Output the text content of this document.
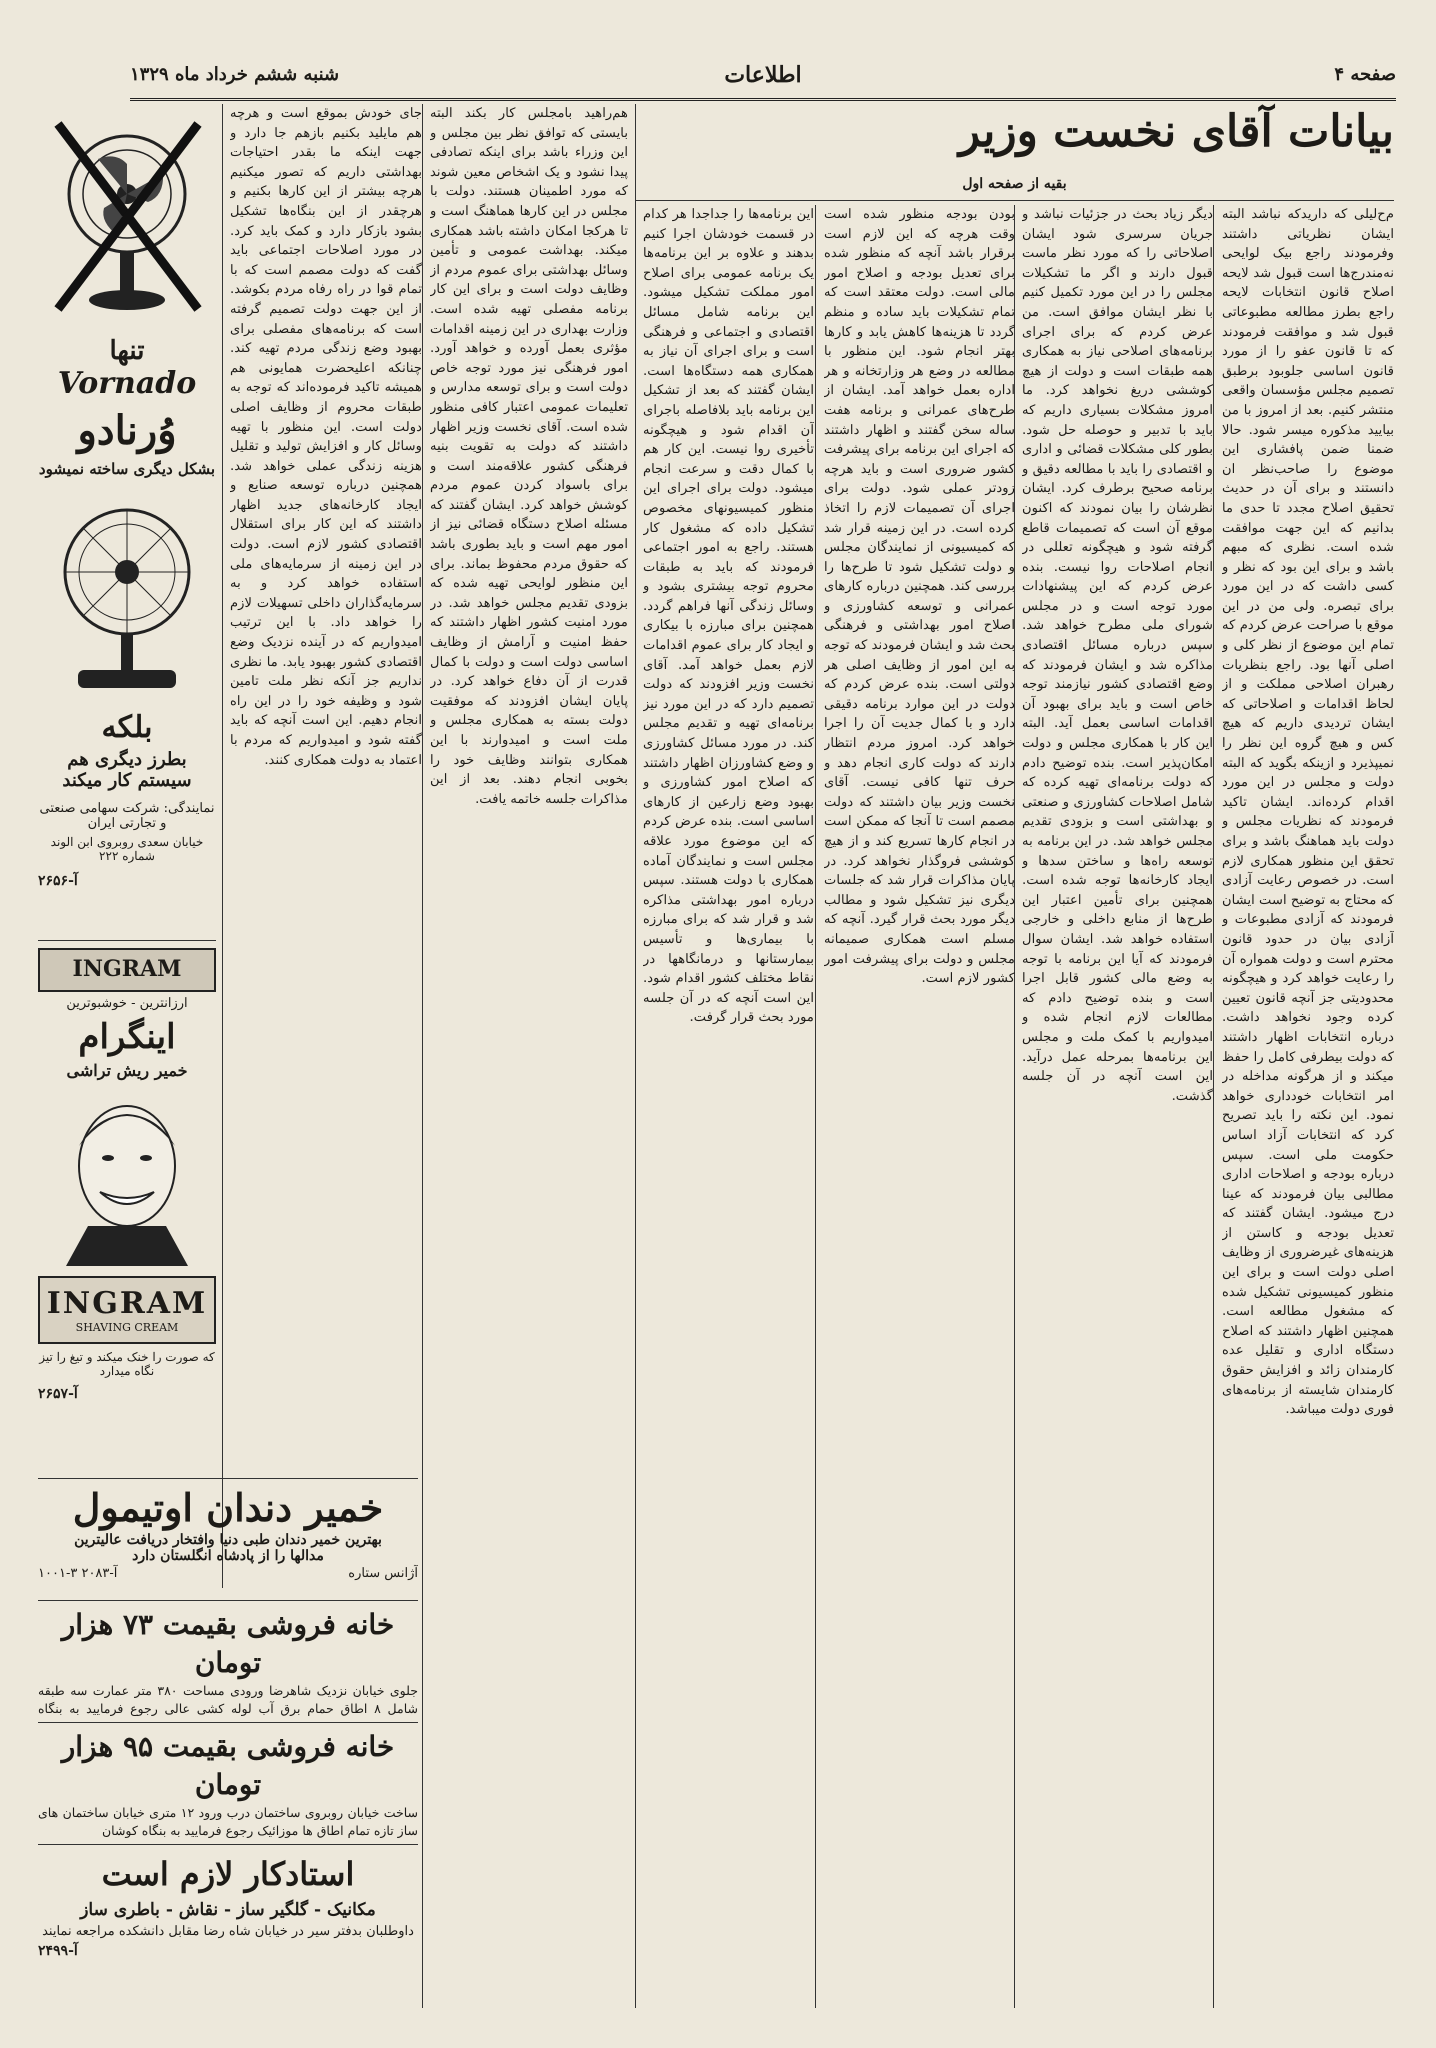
شنبه ششم خرداد ماه ۱۳۲۹	اطلاعات	صفحه ۴
بیانات آقای نخست وزیر
بقیه از صفحه اول
م‌ح‌لیلی که داریدکه نباشد البته ایشان نظریاتی داشتند وفرمودند راجع بیک لوایحی نه‌مندرج‌ها است قبول شد لایحه اصلاح قانون انتخابات لایحه راجع بطرز مطالعه مطبوعاتی قبول شد و موافقت فرمودند که تا قانون عفو را از مورد قانون اساسی جلوبود برطبق تصمیم مجلس مؤسسان واقعی منتشر کنیم. بعد از امروز با من بیایید مذکوره میسر شود. حالا ضمنا ضمن پافشاری این موضوع را صاحب‌نظر ان دانستند و برای آن در حدیث تحقیق اصلاح مجدد تا حدی ما بدانیم که این جهت موافقت شده است. نظری که مبهم باشد و برای این بود که نظر و کسی داشت که در این مورد برای تبصره. ولی من در این موقع با صراحت عرض کردم که تمام این موضوع از نظر کلی و اصلی آنها بود. راجع بنظریات رهبران اصلاحی مملکت و از لحاظ اقدامات و اصلاحاتی که ایشان تردیدی داریم که هیچ کس و هیچ گروه این نظر را نمیپذیرد و ازینکه بگوید که البته دولت و مجلس در این مورد اقدام کرده‌اند. ایشان تاکید فرمودند که نظریات مجلس و دولت باید هماهنگ باشد و برای تحقق این منظور همکاری لازم است. در خصوص رعایت آزادی که محتاج به توضیح است ایشان فرمودند که آزادی مطبوعات و آزادی بیان در حدود قانون محترم است و دولت همواره آن را رعایت خواهد کرد و هیچگونه محدودیتی جز آنچه قانون تعیین کرده وجود نخواهد داشت. درباره انتخابات اظهار داشتند که دولت بیطرفی کامل را حفظ میکند و از هرگونه مداخله در امر انتخابات خودداری خواهد نمود. این نکته را باید تصریح کرد که انتخابات آزاد اساس حکومت ملی است. سپس درباره بودجه و اصلاحات اداری مطالبی بیان فرمودند که عینا درج میشود. ایشان گفتند که تعدیل بودجه و کاستن از هزینه‌های غیرضروری از وظایف اصلی دولت است و برای این منظور کمیسیونی تشکیل شده که مشغول مطالعه است. همچنین اظهار داشتند که اصلاح دستگاه اداری و تقلیل عده کارمندان زائد و افزایش حقوق کارمندان شایسته از برنامه‌های فوری دولت میباشد.
دیگر زیاد بحث در جزئیات نباشد و جریان سرسری شود ایشان اصلاحاتی را که مورد نظر ماست قبول دارند و اگر ما تشکیلات مجلس را در این مورد تکمیل کنیم با نظر ایشان موافق است. من عرض کردم که برای اجرای برنامه‌های اصلاحی نیاز به همکاری همه طبقات است و دولت از هیچ کوششی دریغ نخواهد کرد. ما امروز مشکلات بسیاری داریم که باید با تدبیر و حوصله حل شود. بطور کلی مشکلات قضائی و اداری و اقتصادی را باید با مطالعه دقیق و برنامه صحیح برطرف کرد. ایشان نظرشان را بیان نمودند که اکنون موقع آن است که تصمیمات قاطع گرفته شود و هیچگونه تعللی در انجام اصلاحات روا نیست. بنده عرض کردم که این پیشنهادات مورد توجه است و در مجلس شورای ملی مطرح خواهد شد. سپس درباره مسائل اقتصادی مذاکره شد و ایشان فرمودند که وضع اقتصادی کشور نیازمند توجه خاص است و باید برای بهبود آن اقدامات اساسی بعمل آید. البته این کار با همکاری مجلس و دولت امکان‌پذیر است. بنده توضیح دادم که دولت برنامه‌ای تهیه کرده که شامل اصلاحات کشاورزی و صنعتی و بهداشتی است و بزودی تقدیم مجلس خواهد شد. در این برنامه به توسعه راه‌ها و ساختن سدها و ایجاد کارخانه‌ها توجه شده است. همچنین برای تأمین اعتبار این طرح‌ها از منابع داخلی و خارجی استفاده خواهد شد. ایشان سوال فرمودند که آیا این برنامه با توجه به وضع مالی کشور قابل اجرا است و بنده توضیح دادم که مطالعات لازم انجام شده و امیدواریم با کمک ملت و مجلس این برنامه‌ها بمرحله عمل درآید. این است آنچه در آن جلسه گذشت.
بودن بودجه منظور شده است وقت هرچه که این لازم است برقرار باشد آنچه که منظور شده برای تعدیل بودجه و اصلاح امور مالی است. دولت معتقد است که تمام تشکیلات باید ساده و منظم گردد تا هزینه‌ها کاهش یابد و کارها بهتر انجام شود. این منظور با مطالعه در وضع هر وزارتخانه و هر اداره بعمل خواهد آمد. ایشان از طرح‌های عمرانی و برنامه هفت ساله سخن گفتند و اظهار داشتند که اجرای این برنامه برای پیشرفت کشور ضروری است و باید هرچه زودتر عملی شود. دولت برای اجرای آن تصمیمات لازم را اتخاذ کرده است. در این زمینه قرار شد که کمیسیونی از نمایندگان مجلس و دولت تشکیل شود تا طرح‌ها را بررسی کند. همچنین درباره کارهای عمرانی و توسعه کشاورزی و اصلاح امور بهداشتی و فرهنگی بحث شد و ایشان فرمودند که توجه به این امور از وظایف اصلی هر دولتی است. بنده عرض کردم که دولت در این موارد برنامه دقیقی دارد و با کمال جدیت آن را اجرا خواهد کرد. امروز مردم انتظار دارند که دولت کاری انجام دهد و حرف تنها کافی نیست. آقای نخست وزیر بیان داشتند که دولت مصمم است تا آنجا که ممکن است در انجام کارها تسریع کند و از هیچ کوششی فروگذار نخواهد کرد. در پایان مذاکرات قرار شد که جلسات دیگری نیز تشکیل شود و مطالب دیگر مورد بحث قرار گیرد. آنچه که مسلم است همکاری صمیمانه مجلس و دولت برای پیشرفت امور کشور لازم است.
این برنامه‌ها را جداجدا هر کدام در قسمت خودشان اجرا کنیم بدهند و علاوه بر این برنامه‌ها یک برنامه عمومی برای اصلاح امور مملکت تشکیل میشود. این برنامه شامل مسائل اقتصادی و اجتماعی و فرهنگی است و برای اجرای آن نیاز به همکاری همه دستگاه‌ها است. ایشان گفتند که بعد از تشکیل این برنامه باید بلافاصله باجرای آن اقدام شود و هیچگونه تأخیری روا نیست. این کار هم با کمال دقت و سرعت انجام میشود. دولت برای اجرای این منظور کمیسیونهای مخصوص تشکیل داده که مشغول کار هستند. راجع به امور اجتماعی فرمودند که باید به طبقات محروم توجه بیشتری بشود و وسائل زندگی آنها فراهم گردد. همچنین برای مبارزه با بیکاری و ایجاد کار برای عموم اقدامات لازم بعمل خواهد آمد. آقای نخست وزیر افزودند که دولت تصمیم دارد که در این مورد نیز برنامه‌ای تهیه و تقدیم مجلس کند. در مورد مسائل کشاورزی و وضع کشاورزان اظهار داشتند که اصلاح امور کشاورزی و بهبود وضع زارعین از کارهای اساسی است. بنده عرض کردم که این موضوع مورد علاقه مجلس است و نمایندگان آماده همکاری با دولت هستند. سپس درباره امور بهداشتی مذاکره شد و قرار شد که برای مبارزه با بیماری‌ها و تأسیس بیمارستانها و درمانگاهها در نقاط مختلف کشور اقدام شود. این است آنچه که در آن جلسه مورد بحث قرار گرفت.
هم‌راهید بامجلس کار بکند البته بایستی که توافق نظر بین مجلس و این وزراء باشد برای اینکه تصادفی پیدا نشود و یک اشخاص معین شوند که مورد اطمینان هستند. دولت با مجلس در این کارها هماهنگ است و تا هرکجا امکان داشته باشد همکاری میکند. بهداشت عمومی و تأمین وسائل بهداشتی برای عموم مردم از وظایف دولت است و برای این کار برنامه مفصلی تهیه شده است. وزارت بهداری در این زمینه اقدامات مؤثری بعمل آورده و خواهد آورد. امور فرهنگی نیز مورد توجه خاص دولت است و برای توسعه مدارس و تعلیمات عمومی اعتبار کافی منظور شده است. آقای نخست وزیر اظهار داشتند که دولت به تقویت بنیه فرهنگی کشور علاقه‌مند است و برای باسواد کردن عموم مردم کوشش خواهد کرد. ایشان گفتند که مسئله اصلاح دستگاه قضائی نیز از امور مهم است و باید بطوری باشد که حقوق مردم محفوظ بماند. برای این منظور لوایحی تهیه شده که بزودی تقدیم مجلس خواهد شد. در مورد امنیت کشور اظهار داشتند که حفظ امنیت و آرامش از وظایف اساسی دولت است و دولت با کمال قدرت از آن دفاع خواهد کرد. در پایان ایشان افزودند که موفقیت دولت بسته به همکاری مجلس و ملت است و امیدوارند با این همکاری بتوانند وظایف خود را بخوبی انجام دهند. بعد از این مذاکرات جلسه خاتمه یافت.
جای خودش بموقع است و هرچه هم مایلید بکنیم بازهم جا دارد و جهت اینکه ما بقدر احتیاجات بهداشتی داریم که تصور میکنیم هرچه بیشتر از این کارها بکنیم و هرچقدر از این بنگاه‌ها تشکیل بشود بازکار دارد و کمک باید کرد. در مورد اصلاحات اجتماعی باید گفت که دولت مصمم است که با تمام قوا در راه رفاه مردم بکوشد. از این جهت دولت تصمیم گرفته است که برنامه‌های مفصلی برای بهبود وضع زندگی مردم تهیه کند. چنانکه اعلیحضرت همایونی هم همیشه تاکید فرموده‌اند که توجه به طبقات محروم از وظایف اصلی دولت است. این منظور با تهیه وسائل کار و افزایش تولید و تقلیل هزینه زندگی عملی خواهد شد. همچنین درباره توسعه صنایع و ایجاد کارخانه‌های جدید اظهار داشتند که این کار برای استقلال اقتصادی کشور لازم است. دولت در این زمینه از سرمایه‌های ملی استفاده خواهد کرد و به سرمایه‌گذاران داخلی تسهیلات لازم را خواهد داد. با این ترتیب امیدواریم که در آینده نزدیک وضع اقتصادی کشور بهبود یابد. ما نظری نداریم جز آنکه نظر ملت تامین شود و وظیفه خود را در این راه انجام دهیم. این است آنچه که باید گفته شود و امیدواریم که مردم با اعتماد به دولت همکاری کنند.
تنها
Vornado
وُرنادو
بشکل دیگری ساخته نمیشود
بلکه
بطرز دیگری هم سیستم کار میکند
نمایندگی: شرکت سهامی صنعتی و تجارتی ایران
خیابان سعدی روبروی ابن الوند شماره ۲۲۲
آ-۲۶۵۶
INGRAM
ارزانترین - خوشبوترین
اینگرام
خمیر ریش تراشی
INGRAM
SHAVING CREAM
که صورت را خنک میکند و تیغ را تیز نگاه میدارد
آ-۲۶۵۷
خمیر دندان اوتیمول
بهترین خمیر دندان طبی دنیا وافتخار دریافت عالیترین
مدالها را از پادشاه انگلستان دارد
آژانس ستاره
آ-۲۰۸۳ ۳-۱۰۰۱
خانه فروشی بقیمت ۷۳ هزار تومان
جلوی خیابان نزدیک شاهرضا ورودی مساحت ۳۸۰ متر عمارت سه طبقه شامل ۸ اطاق حمام برق آب لوله کشی عالی رجوع فرمایید به بنگاه
خانه فروشی بقیمت ۹۵ هزار تومان
ساخت خیابان روبروی ساختمان درب ورود ۱۲ متری خیابان ساختمان های ساز تازه تمام اطاق ها موزائیک رجوع فرمایید به بنگاه کوشان
استادکار لازم است
مکانیک - گلگیر ساز - نقاش - باطری ساز
داوطلبان بدفتر سیر در خیابان شاه رضا مقابل دانشکده مراجعه نمایند
آ-۲۴۹۹
